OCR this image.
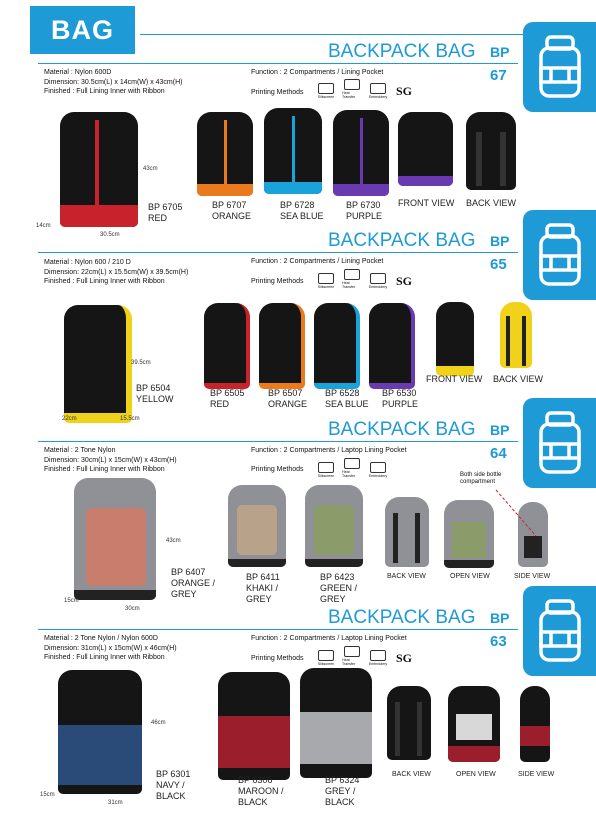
BAG
BACKPACK BAG BP
67
Material : Nylon 600D
Dimension: 30.5cm(L) x 14cm(W) x 43cm(H)
Finished : Full Lining Inner with Ribbon
Function : 2 Compartments / Lining Pocket
Printing Methods
Silkscreen
Heat Transfer	Embroidery SG
43cm
14cm
30.5cm
BP 6705
RED
BP 6707
ORANGE
BP 6728
SEA BLUE
BP 6730
PURPLE
FRONT VIEW BACK VIEW
BACKPACK BAG BP
65
Material : Nylon 600 / 210 D
Dimension: 22cm(L) x 15.5cm(W) x 39.5cm(H)
Finished : Full Lining Inner with Ribbon
Function : 2 Compartments / Lining Pocket
Printing Methods
Silkscreen
Heat Transfer	Embroidery SG
39.5cm
22cm	15.5cm
BP 6504
YELLOW
BP 6505
RED
BP 6507
ORANGE
BP 6528
SEA BLUE
BP 6530
PURPLE
FRONT VIEW BACK VIEW
BACKPACK BAG BP
64
Material : 2 Tone Nylon
Dimension: 30cm(L) x 15cm(W) x 43cm(H)
Finished : Full Lining Inner with Ribbon
Function : 2 Compartments / Laptop Lining Pocket
Printing Methods
Silkscreen
Heat Transfer	Embroidery	Both side bottle compartment
43cm
15cm
30cm
BP 6407
ORANGE / GREY
BP 6411
KHAKI / GREY
BP 6423
GREEN / GREY
BACK VIEW	OPEN VIEW	SIDE VIEW
BACKPACK BAG BP
63
Material : 2 Tone Nylon / Nylon 600D
Dimension: 31cm(L) x 15cm(W) x 46cm(H)
Finished : Full Lining Inner with Ribbon
Function : 2 Compartments / Laptop Lining Pocket
Printing Methods
Silkscreen
Heat Transfer	Embroidery SG
46cm
15cm
31cm
BP 6301
NAVY / BLACK
BP 6306
MAROON / BLACK
BP 6324
GREY / BLACK
BACK VIEW	OPEN VIEW	SIDE VIEW
